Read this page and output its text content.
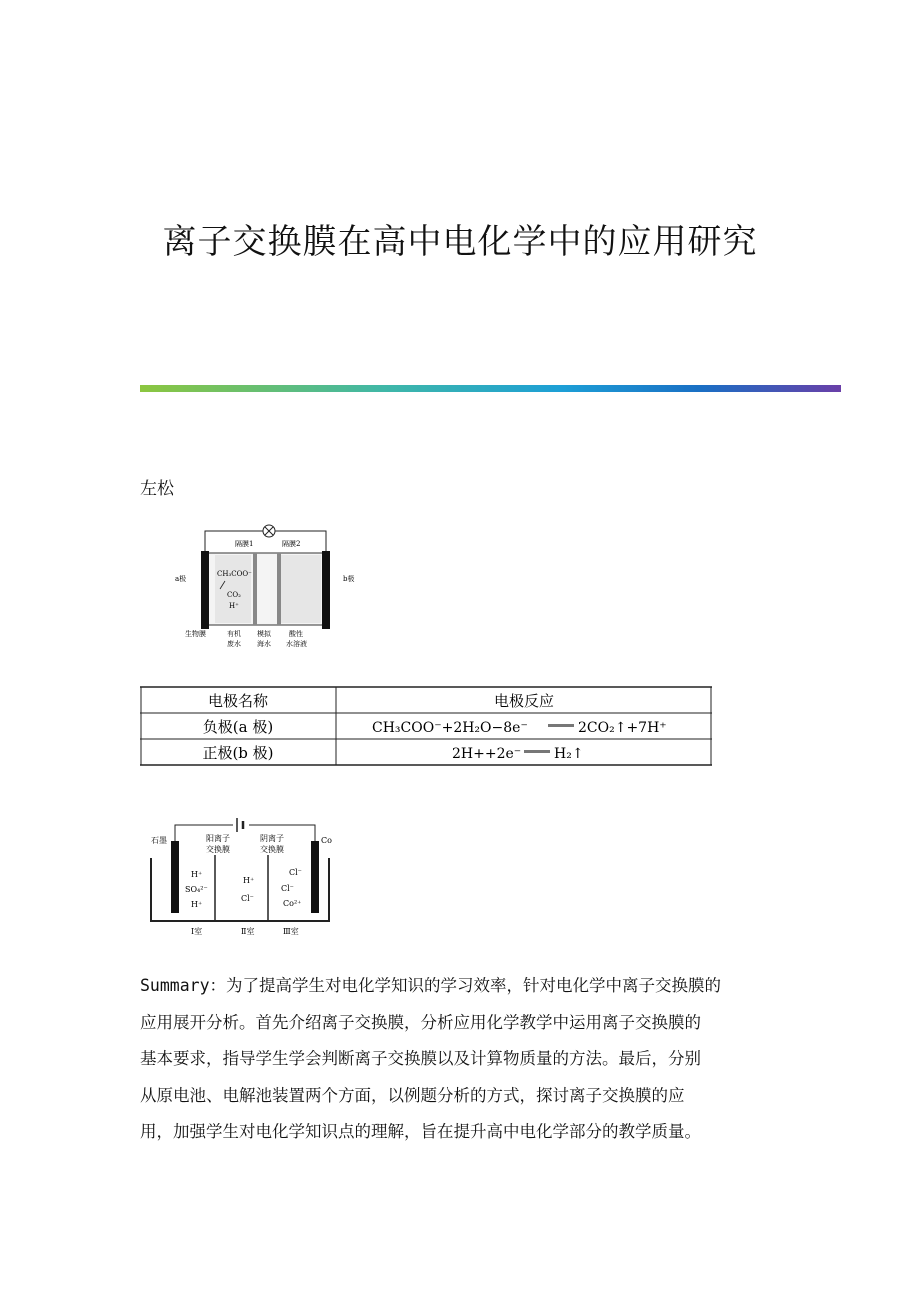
离子交换膜在高中电化学中的应用研究
左松
隔膜1	隔膜2
a极	b极
CH₃COO⁻
CO₂
H⁺
生物膜	有机
废水
模拟
海水
酸性
水溶液
电极名称	电极反应
负极(a 极)	CH₃COO⁻+2H₂O−8e⁻	2CO₂↑+7H⁺
正极(b 极)	2H++2e⁻ H₂↑
石墨	Co
阳离子
交换膜
阴离子
交换膜
H⁺
SO₄²⁻
H⁺
H⁺
Cl⁻
Cl⁻
Cl⁻
Co²⁺
Ⅰ室	Ⅱ室	Ⅲ室
Summary：为了提高学生对电化学知识的学习效率，针对电化学中离子交换膜的
应用展开分析。首先介绍离子交换膜，分析应用化学教学中运用离子交换膜的
基本要求，指导学生学会判断离子交换膜以及计算物质量的方法。最后，分别
从原电池、电解池装置两个方面，以例题分析的方式，探讨离子交换膜的应
用，加强学生对电化学知识点的理解，旨在提升高中电化学部分的教学质量。
